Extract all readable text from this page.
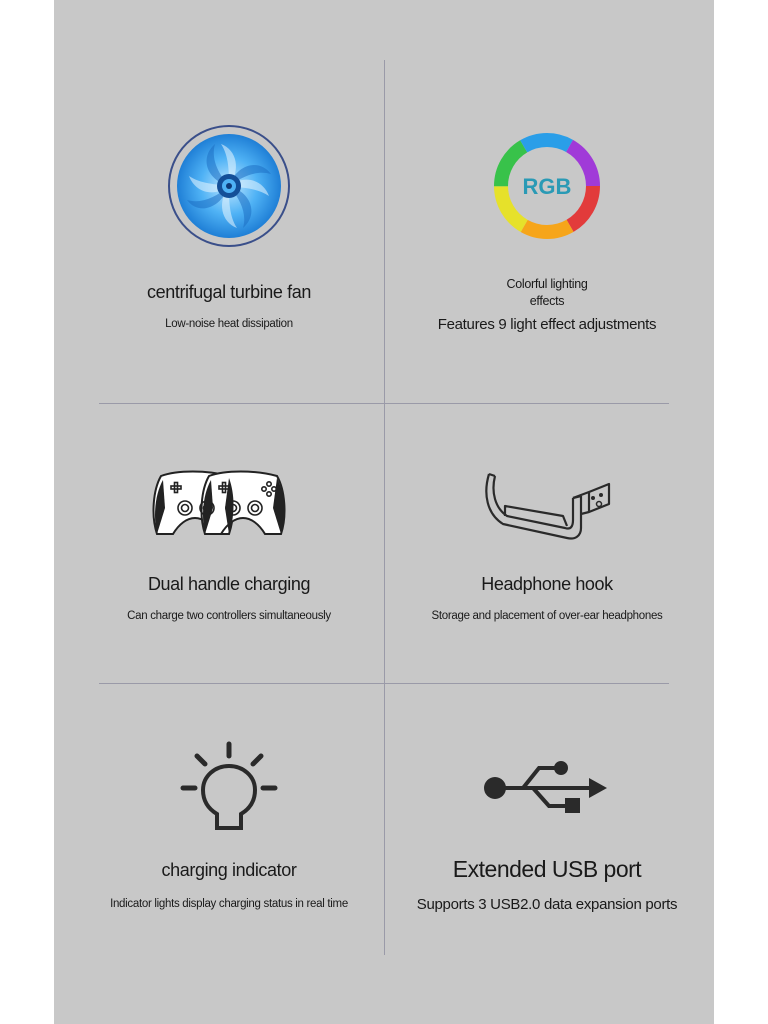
centrifugal turbine fan
Low-noise heat dissipation
RGB
Colorful lighting
effects
Features 9 light effect adjustments
Dual handle charging
Can charge two controllers simultaneously
Headphone hook
Storage and placement of over-ear headphones
charging indicator
Indicator lights display charging status in real time
Extended USB port
Supports 3 USB2.0 data expansion ports
